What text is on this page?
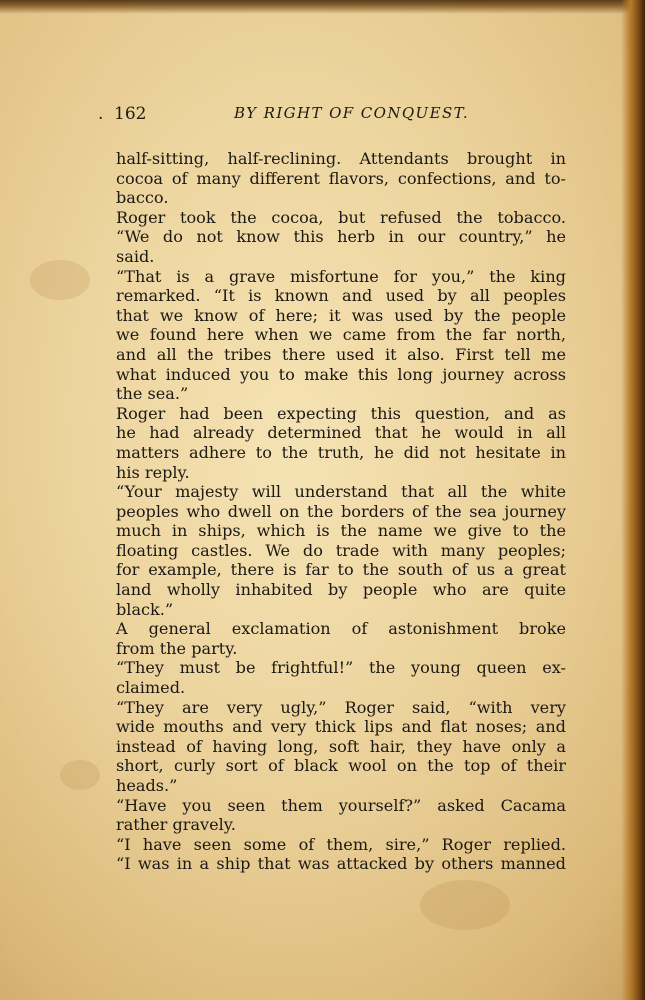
. 162	BY RIGHT OF CONQUEST.
half-sitting, half-reclining. Attendants brought in
cocoa of many different flavors, confections, and to-
bacco.
Roger took the cocoa, but refused the tobacco.
“We do not know this herb in our country,” he
said.
“That is a grave misfortune for you,” the king
remarked. “It is known and used by all peoples
that we know of here; it was used by the people
we found here when we came from the far north,
and all the tribes there used it also. First tell me
what induced you to make this long journey across
the sea.”
Roger had been expecting this question, and as
he had already determined that he would in all
matters adhere to the truth, he did not hesitate in
his reply.
“Your majesty will understand that all the white
peoples who dwell on the borders of the sea journey
much in ships, which is the name we give to the
floating castles. We do trade with many peoples;
for example, there is far to the south of us a great
land wholly inhabited by people who are quite
black.”
A general exclamation of astonishment broke
from the party.
“They must be frightful!” the young queen ex-
claimed.
“They are very ugly,” Roger said, “with very
wide mouths and very thick lips and flat noses; and
instead of having long, soft hair, they have only a
short, curly sort of black wool on the top of their
heads.”
“Have you seen them yourself?” asked Cacama
rather gravely.
“I have seen some of them, sire,” Roger replied.
“I was in a ship that was attacked by others manned
